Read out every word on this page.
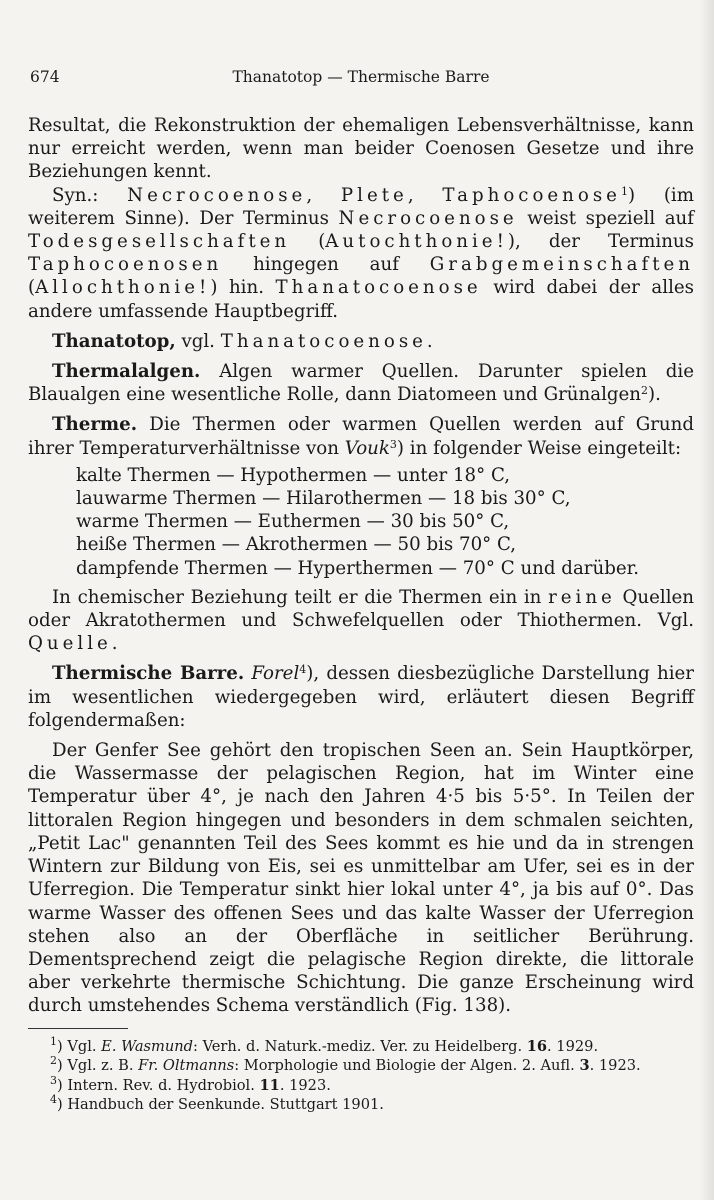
674	Thanatotop — Thermische Barre

Resultat, die Rekonstruktion der ehemaligen Lebensverhältnisse, kann nur erreicht werden, wenn man beider Coenosen Gesetze und ihre Beziehungen kennt.

Syn.: Necrocoenose, Plete, Taphocoenose$^1$) (im weiterem Sinne). Der Terminus Necrocoenose weist speziell auf Todesgesellschaften (Autochthonie!), der Terminus Taphocoenosen hingegen auf Grabgemeinschaften (Allochthonie!) hin. Thanatocoenose wird dabei der alles andere umfassende Hauptbegriff.

Thanatotop, vgl. Thanatocoenose.

Thermalalgen. Algen warmer Quellen. Darunter spielen die Blaualgen eine wesentliche Rolle, dann Diatomeen und Grünalgen$^2$).

Therme. Die Thermen oder warmen Quellen werden auf Grund ihrer Temperaturverhältnisse von Vouk$^3$) in folgender Weise eingeteilt:

kalte Thermen — Hypothermen — unter 18° C,
lauwarme Thermen — Hilarothermen — 18 bis 30° C,
warme Thermen — Euthermen — 30 bis 50° C,
heiße Thermen — Akrothermen — 50 bis 70° C,
dampfende Thermen — Hyperthermen — 70° C und darüber.

In chemischer Beziehung teilt er die Thermen ein in reine Quellen oder Akratothermen und Schwefelquellen oder Thiothermen. Vgl. Quelle.

Thermische Barre. Forel$^4$), dessen diesbezügliche Darstellung hier im wesentlichen wiedergegeben wird, erläutert diesen Begriff folgendermaßen:

Der Genfer See gehört den tropischen Seen an. Sein Hauptkörper, die Wassermasse der pelagischen Region, hat im Winter eine Temperatur über 4°, je nach den Jahren 4·5 bis 5·5°. In Teilen der littoralen Region hingegen und besonders in dem schmalen seichten, „Petit Lac" genannten Teil des Sees kommt es hie und da in strengen Wintern zur Bildung von Eis, sei es unmittelbar am Ufer, sei es in der Uferregion. Die Temperatur sinkt hier lokal unter 4°, ja bis auf 0°. Das warme Wasser des offenen Sees und das kalte Wasser der Uferregion stehen also an der Oberfläche in seitlicher Berührung. Dementsprechend zeigt die pelagische Region direkte, die littorale aber verkehrte thermische Schichtung. Die ganze Erscheinung wird durch umstehendes Schema verständlich (Fig. 138).

$^1$) Vgl. E. Wasmund: Verh. d. Naturk.-mediz. Ver. zu Heidelberg. 16. 1929.
$^2$) Vgl. z. B. Fr. Oltmanns: Morphologie und Biologie der Algen. 2. Aufl. 3. 1923.
$^3$) Intern. Rev. d. Hydrobiol. 11. 1923.
$^4$) Handbuch der Seenkunde. Stuttgart 1901.
